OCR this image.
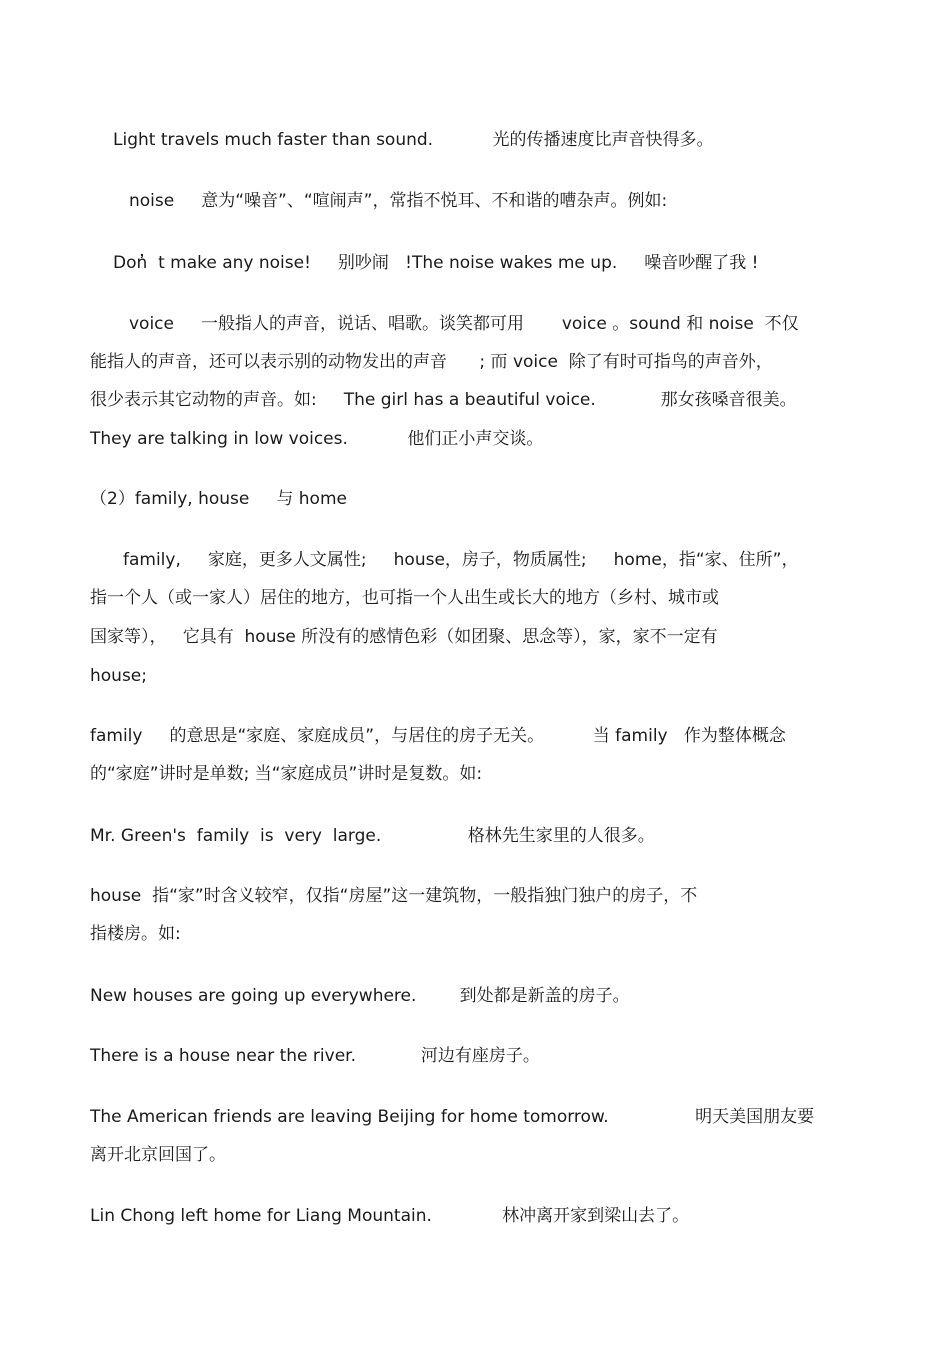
Light travels much faster than sound.           光的传播速度比声音快得多。
noise     意为“噪音”、“喧闹声”，常指不悦耳、不和谐的嘈杂声。例如:
Don̓  t make any noise!     别吵闹   !The noise wakes me up.     噪音吵醒了我 !
voice     一般指人的声音，说话、唱歌。谈笑都可用       voice 。sound 和 noise  不仅
能指人的声音，还可以表示别的动物发出的声音      ; 而 voice  除了有时可指鸟的声音外，
很少表示其它动物的声音。如:     The girl has a beautiful voice.            那女孩嗓音很美。
They are talking in low voices.           他们正小声交谈。
（2）family, house     与 home
family,     家庭，更多人文属性;     house，房子，物质属性;     home，指“家、住所”，
指一个人（或一家人）居住的地方，也可指一个人出生或长大的地方（乡村、城市或
国家等），   它具有  house 所没有的感情色彩（如团聚、思念等），家，家不一定有
house;
family     的意思是“家庭、家庭成员”，与居住的房子无关。         当 family   作为整体概念
的“家庭”讲时是单数; 当“家庭成员”讲时是复数。如:
Mr. Green's  family  is  very  large.                格林先生家里的人很多。
house  指“家”时含义较窄，仅指“房屋”这一建筑物，一般指独门独户的房子，不
指楼房。如:
New houses are going up everywhere.        到处都是新盖的房子。
There is a house near the river.            河边有座房子。
The American friends are leaving Beijing for home tomorrow.                明天美国朋友要
离开北京回国了。
Lin Chong left home for Liang Mountain.             林冲离开家到梁山去了。
